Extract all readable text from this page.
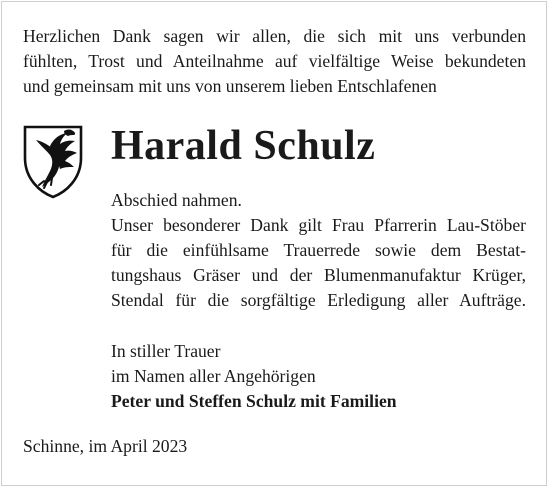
Herzlichen Dank sagen wir allen, die sich mit uns verbunden
fühlten, Trost und Anteilnahme auf vielfältige Weise bekundeten
und gemeinsam mit uns von unserem lieben Entschlafenen
Harald Schulz
Abschied nahmen.
Unser besonderer Dank gilt Frau Pfarrerin Lau-Stöber
für die einfühlsame Trauerrede sowie dem Bestat-
tungshaus Gräser und der Blumenmanufaktur Krüger,
Stendal für die sorgfältige Erledigung aller Aufträge.
In stiller Trauer
im Namen aller Angehörigen
Peter und Steffen Schulz mit Familien
Schinne, im April 2023
